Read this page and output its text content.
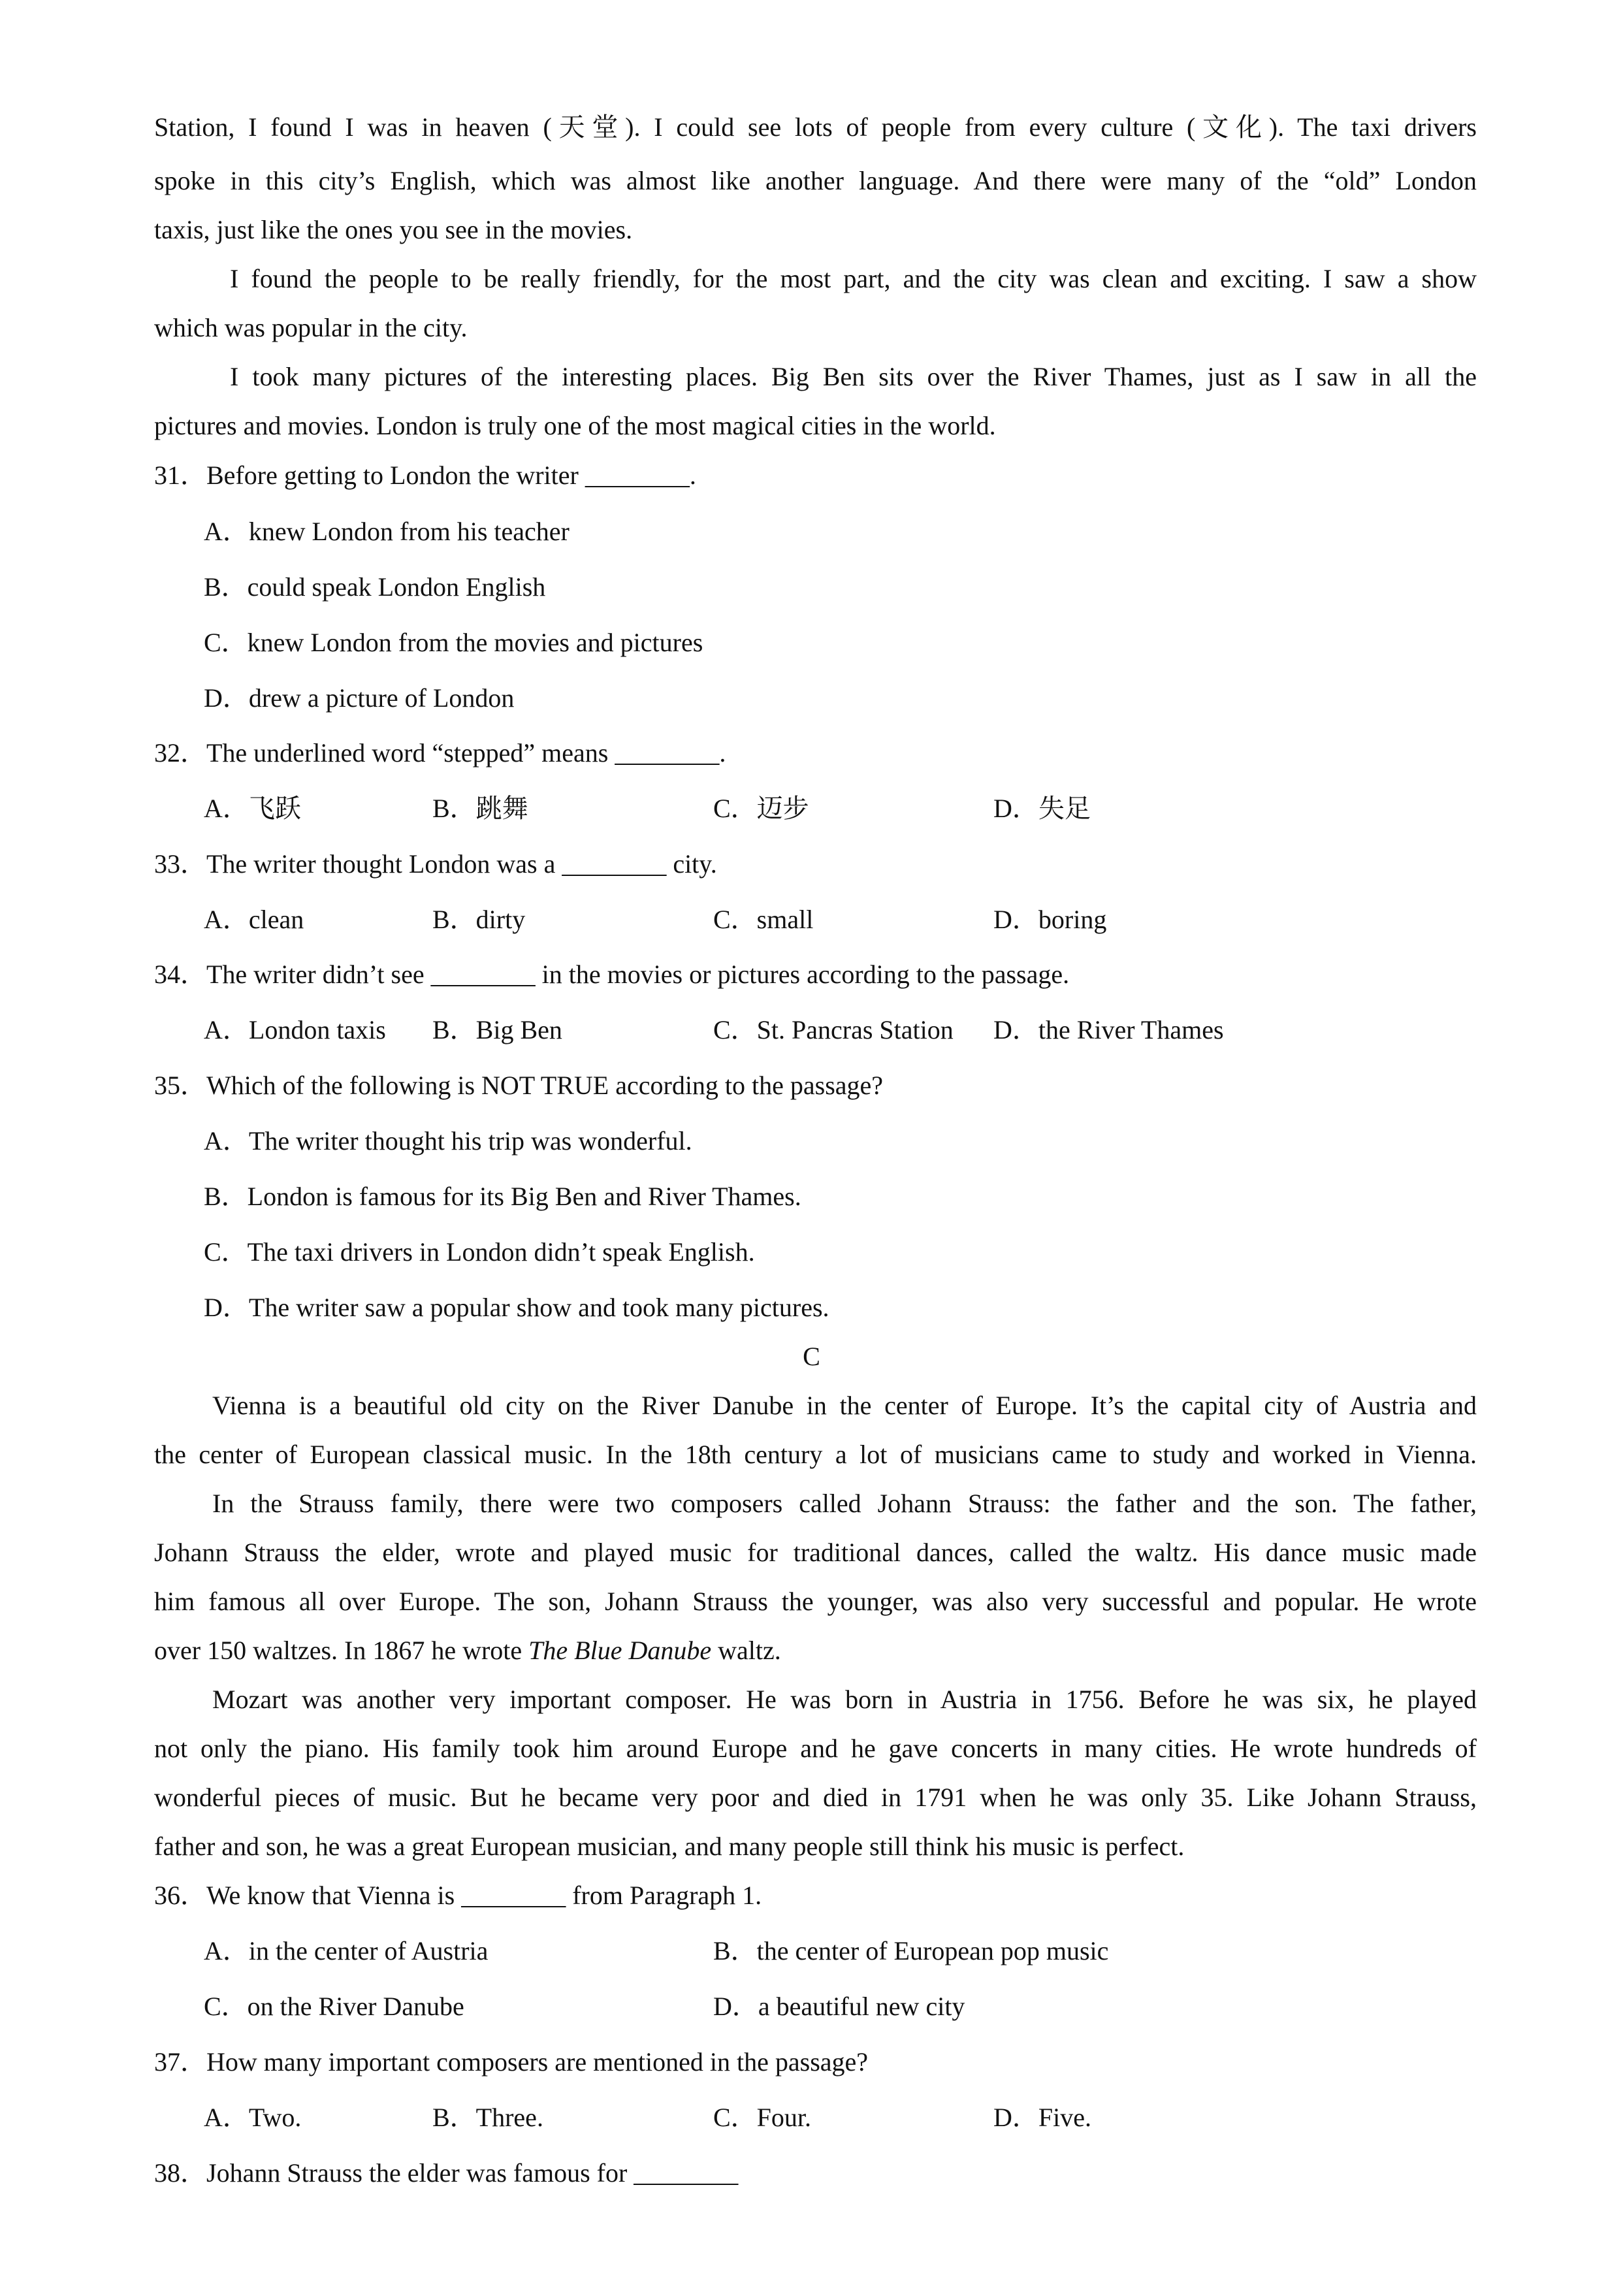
Station, I found I was in heaven (天堂). I could see lots of people from every culture (文化). The taxi drivers
spoke in this city’s English, which was almost like another language. And there were many of the “old” London
taxis, just like the ones you see in the movies.
I found the people to be really friendly, for the most part, and the city was clean and exciting. I saw a show
which was popular in the city.
I took many pictures of the interesting places. Big Ben sits over the River Thames, just as I saw in all the
pictures and movies. London is truly one of the most magical cities in the world.
31．Before getting to London the writer ________.
A．knew London from his teacher
B．could speak London English
C．knew London from the movies and pictures
D．drew a picture of London
32．The underlined word “stepped” means ________.
A．飞跃	B．跳舞	C．迈步	D．失足
33．The writer thought London was a ________ city.
A．clean	B．dirty	C．small	D．boring
34．The writer didn’t see ________ in the movies or pictures according to the passage.
A．London taxis B．Big Ben	C．St. Pancras Station D．the River Thames
35．Which of the following is NOT TRUE according to the passage?
A．The writer thought his trip was wonderful.
B．London is famous for its Big Ben and River Thames.
C．The taxi drivers in London didn’t speak English.
D．The writer saw a popular show and took many pictures.
C
Vienna is a beautiful old city on the River Danube in the center of Europe. It’s the capital city of Austria and
the center of European classical music. In the 18th century a lot of musicians came to study and worked in Vienna.
In the Strauss family, there were two composers called Johann Strauss: the father and the son. The father,
Johann Strauss the elder, wrote and played music for traditional dances, called the waltz. His dance music made
him famous all over Europe. The son, Johann Strauss the younger, was also very successful and popular. He wrote
over 150 waltzes. In 1867 he wrote The Blue Danube waltz.
Mozart was another very important composer. He was born in Austria in 1756. Before he was six, he played
not only the piano. His family took him around Europe and he gave concerts in many cities. He wrote hundreds of
wonderful pieces of music. But he became very poor and died in 1791 when he was only 35. Like Johann Strauss,
father and son, he was a great European musician, and many people still think his music is perfect.
36．We know that Vienna is ________ from Paragraph 1.
A．in the center of Austria	B．the center of European pop music
C．on the River Danube	D．a beautiful new city
37．How many important composers are mentioned in the passage?
A．Two.	B．Three.	C．Four.	D．Five.
38．Johann Strauss the elder was famous for ________
